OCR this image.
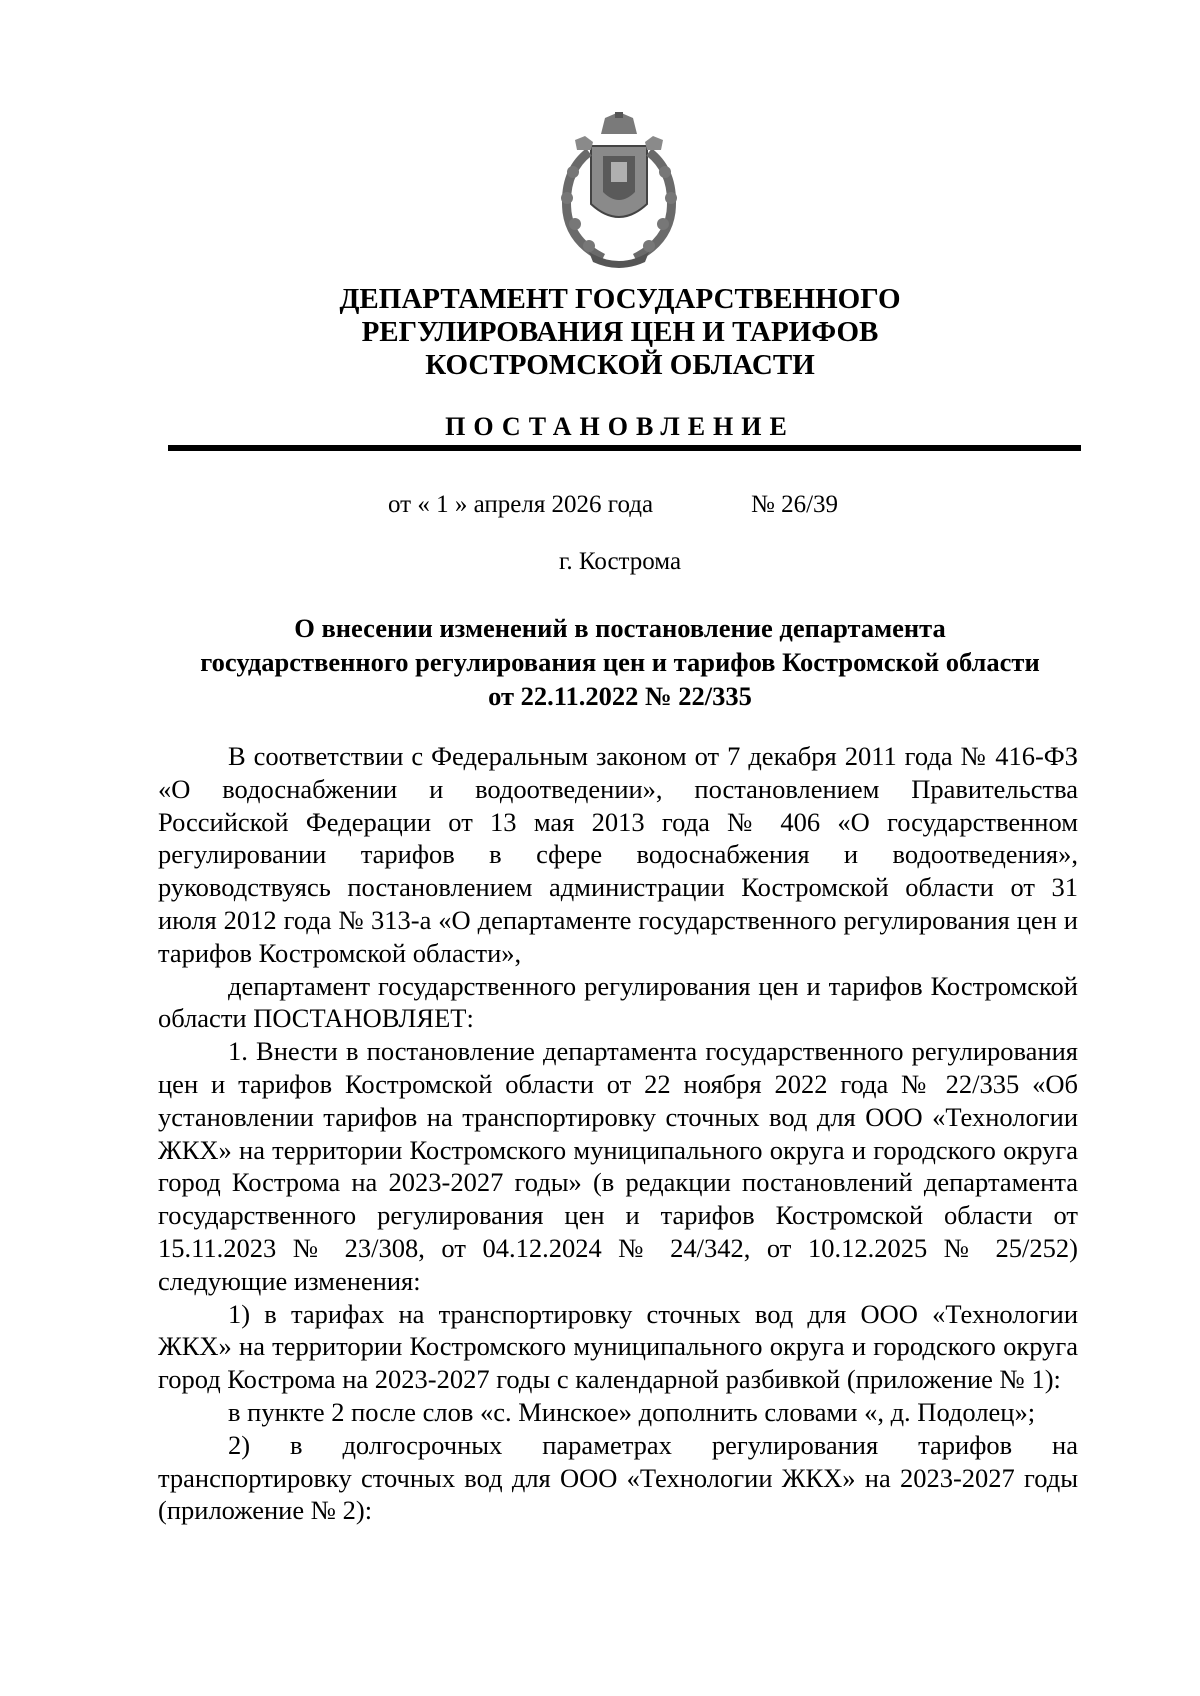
ДЕПАРТАМЕНТ ГОСУДАРСТВЕННОГО
РЕГУЛИРОВАНИЯ ЦЕН И ТАРИФОВ
КОСТРОМСКОЙ ОБЛАСТИ
ПОСТАНОВЛЕНИЕ
от « 1 » апреля 2026 года	№ 26/39
г. Кострома
О внесении изменений в постановление департамента
государственного регулирования цен и тарифов Костромской области
от 22.11.2022 № 22/335

В соответствии с Федеральным законом от 7 декабря 2011 года № 416-ФЗ «О водоснабжении и водоотведении», постановлением Правительства Российской Федерации от 13 мая 2013 года № 406 «О государственном регулировании тарифов в сфере водоснабжения и водоотведения», руководствуясь постановлением администрации Костромской области от 31 июля 2012 года № 313-а «О департаменте государственного регулирования цен и тарифов Костромской области»,

департамент государственного регулирования цен и тарифов Костромской области ПОСТАНОВЛЯЕТ:

1. Внести в постановление департамента государственного регулирования цен и тарифов Костромской области от 22 ноября 2022 года № 22/335 «Об установлении тарифов на транспортировку сточных вод для ООО «Технологии ЖКХ» на территории Костромского муниципального округа и городского округа город Кострома на 2023-2027 годы» (в редакции постановлений департамента государственного регулирования цен и тарифов Костромской области от 15.11.2023 № 23/308, от 04.12.2024 № 24/342, от 10.12.2025 № 25/252) следующие изменения:

1) в тарифах на транспортировку сточных вод для ООО «Технологии ЖКХ» на территории Костромского муниципального округа и городского округа город Кострома на 2023-2027 годы с календарной разбивкой (приложение № 1):

в пункте 2 после слов «с. Минское» дополнить словами «, д. Подолец»;

2) в долгосрочных параметрах регулирования тарифов на транспортировку сточных вод для ООО «Технологии ЖКХ» на 2023-2027 годы (приложение № 2):
